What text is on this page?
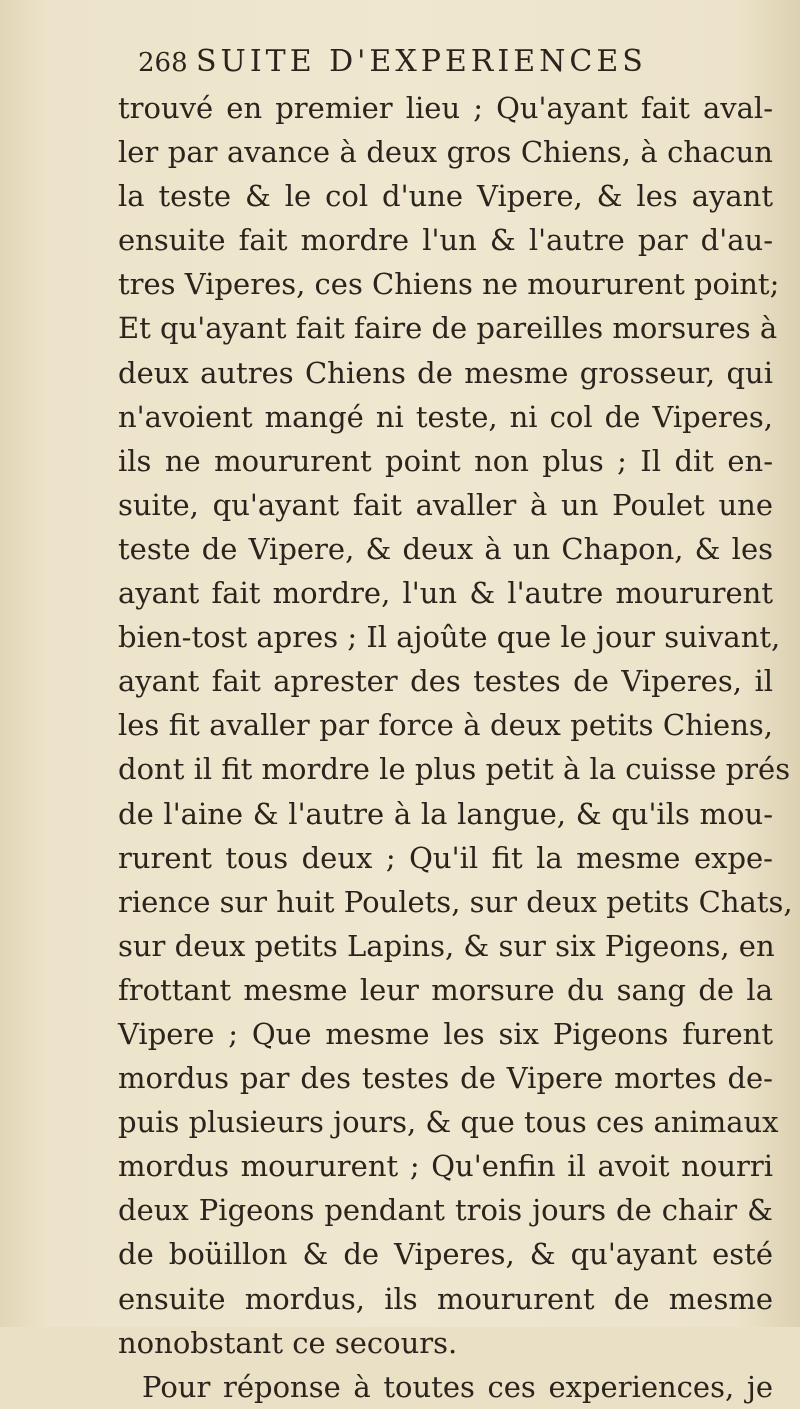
268 SUITE D'EXPERIENCES
trouvé en premier lieu ; Qu'ayant fait aval-
ler par avance à deux gros Chiens, à chacun
la teste & le col d'une Vipere, & les ayant
ensuite fait mordre l'un & l'autre par d'au-
tres Viperes, ces Chiens ne moururent point;
Et qu'ayant fait faire de pareilles morsures à
deux autres Chiens de mesme grosseur, qui
n'avoient mangé ni teste, ni col de Viperes,
ils ne moururent point non plus ; Il dit en-
suite, qu'ayant fait avaller à un Poulet une
teste de Vipere, & deux à un Chapon, & les
ayant fait mordre, l'un & l'autre moururent
bien-tost apres ; Il ajoûte que le jour suivant,
ayant fait aprester des testes de Viperes, il
les fit avaller par force à deux petits Chiens,
dont il fit mordre le plus petit à la cuisse prés
de l'aine & l'autre à la langue, & qu'ils mou-
rurent tous deux ; Qu'il fit la mesme expe-
rience sur huit Poulets, sur deux petits Chats,
sur deux petits Lapins, & sur six Pigeons, en
frottant mesme leur morsure du sang de la
Vipere ; Que mesme les six Pigeons furent
mordus par des testes de Vipere mortes de-
puis plusieurs jours, & que tous ces animaux
mordus moururent ; Qu'enfin il avoit nourri
deux Pigeons pendant trois jours de chair &
de boüillon & de Viperes, & qu'ayant esté
ensuite mordus, ils moururent de mesme
nonobstant ce secours.
Pour réponse à toutes ces experiences, je
